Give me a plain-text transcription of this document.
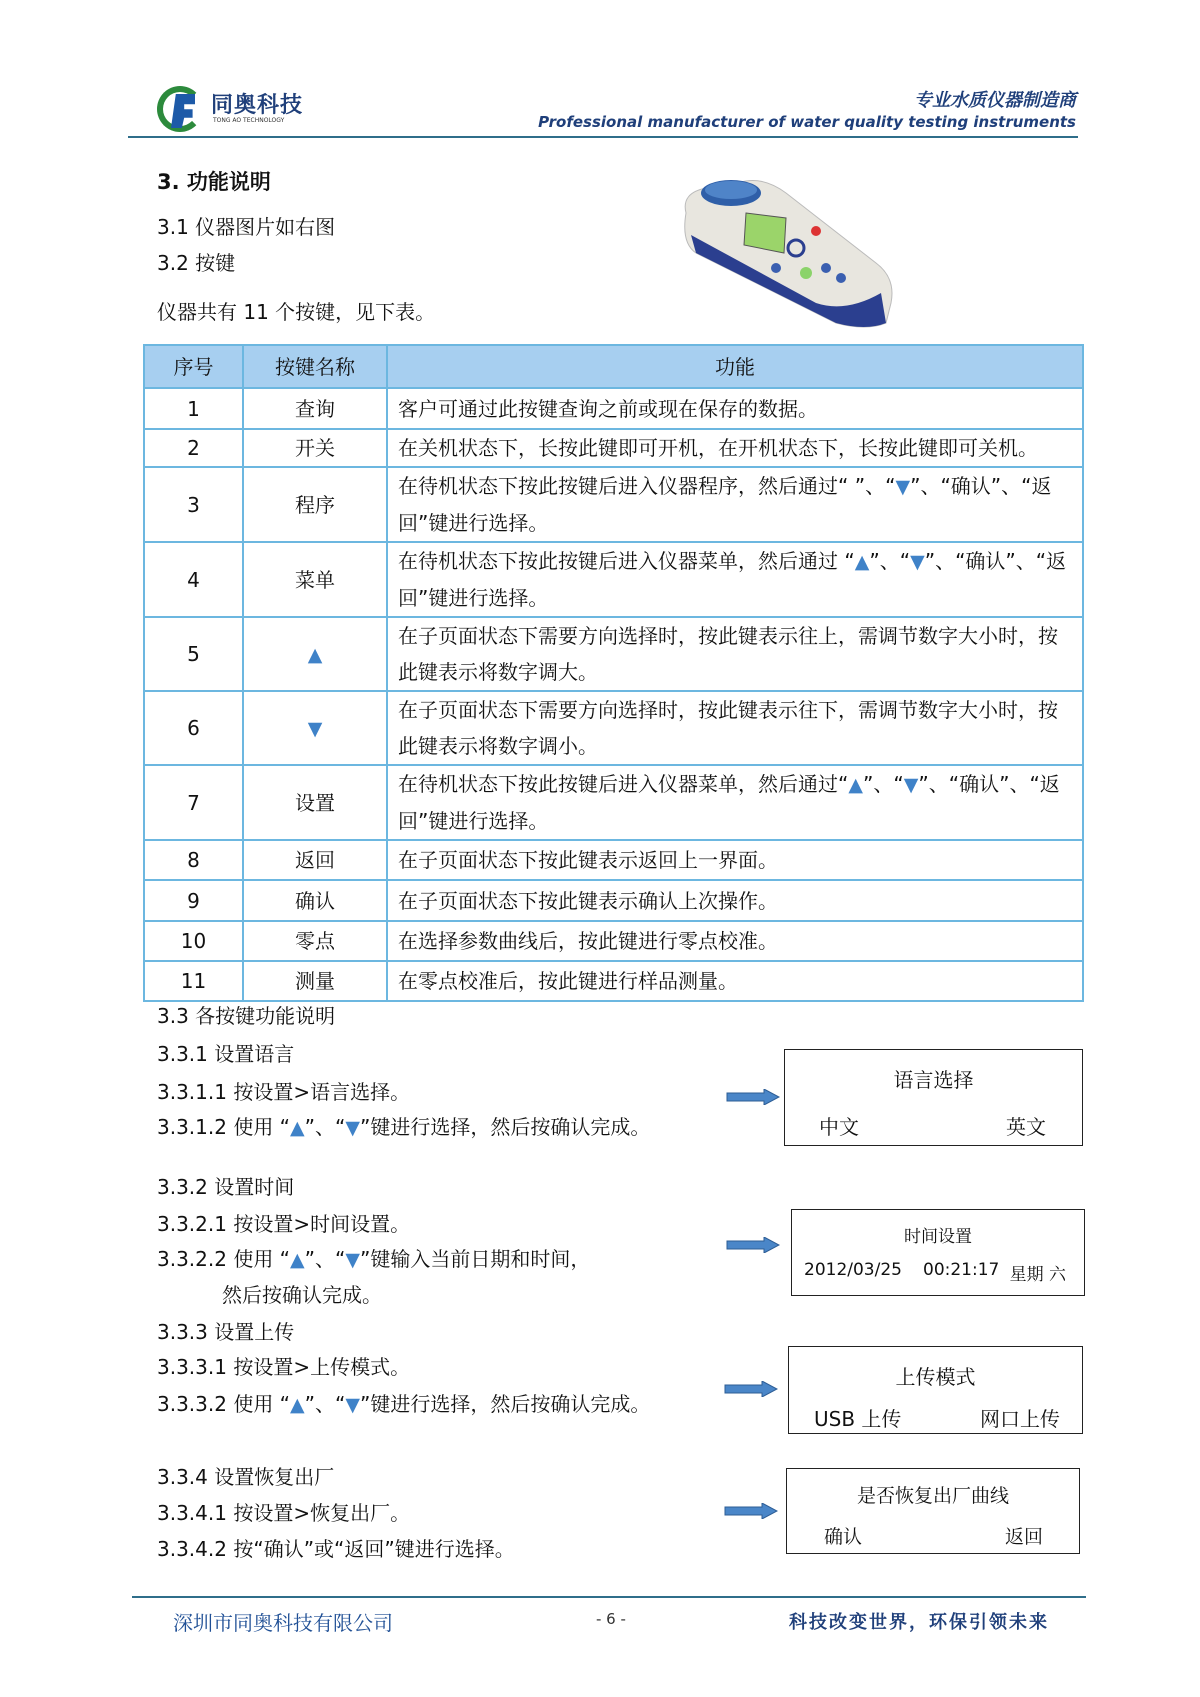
同奥科技
TONG AO TECHNOLOGY
专业水质仪器制造商
Professional manufacturer of water quality testing instruments
3. 功能说明
3.1 仪器图片如右图
3.2 按键
仪器共有 11 个按键，见下表。
序号	按键名称	功能
1	查询	客户可通过此按键查询之前或现在保存的数据。
2	开关	在关机状态下，长按此键即可开机，在开机状态下，长按此键即可关机。
3	程序	在待机状态下按此按键后进入仪器程序，然后通过“ ”、“▼”、“确认”、“返回”键进行选择。
4	菜单	在待机状态下按此按键后进入仪器菜单，然后通过 “▲”、“▼”、“确认”、“返回”键进行选择。
5	▲	在子页面状态下需要方向选择时，按此键表示往上，需调节数字大小时，按此键表示将数字调大。
6	▼	在子页面状态下需要方向选择时，按此键表示往下，需调节数字大小时，按此键表示将数字调小。
7	设置	在待机状态下按此按键后进入仪器菜单，然后通过“▲”、“▼”、“确认”、“返回”键进行选择。
8	返回	在子页面状态下按此键表示返回上一界面。
9	确认	在子页面状态下按此键表示确认上次操作。
10	零点	在选择参数曲线后，按此键进行零点校准。
11	测量	在零点校准后，按此键进行样品测量。
3.3 各按键功能说明
3.3.1 设置语言
3.3.1.1 按设置>语言选择。
3.3.1.2 使用 “▲”、“▼”键进行选择，然后按确认完成。
语言选择
中文	英文
3.3.2 设置时间
3.3.2.1 按设置>时间设置。
3.3.2.2 使用 “▲”、“▼”键输入当前日期和时间，
然后按确认完成。
时间设置
2012/03/25 00:21:17 星期 六
3.3.3 设置上传
3.3.3.1 按设置>上传模式。
3.3.3.2 使用 “▲”、“▼”键进行选择，然后按确认完成。
上传模式
USB 上传	网口上传
3.3.4 设置恢复出厂
3.3.4.1 按设置>恢复出厂。
3.3.4.2 按“确认”或“返回”键进行选择。
是否恢复出厂曲线
确认	返回
深圳市同奥科技有限公司	- 6 -	科技改变世界，环保引领未来
